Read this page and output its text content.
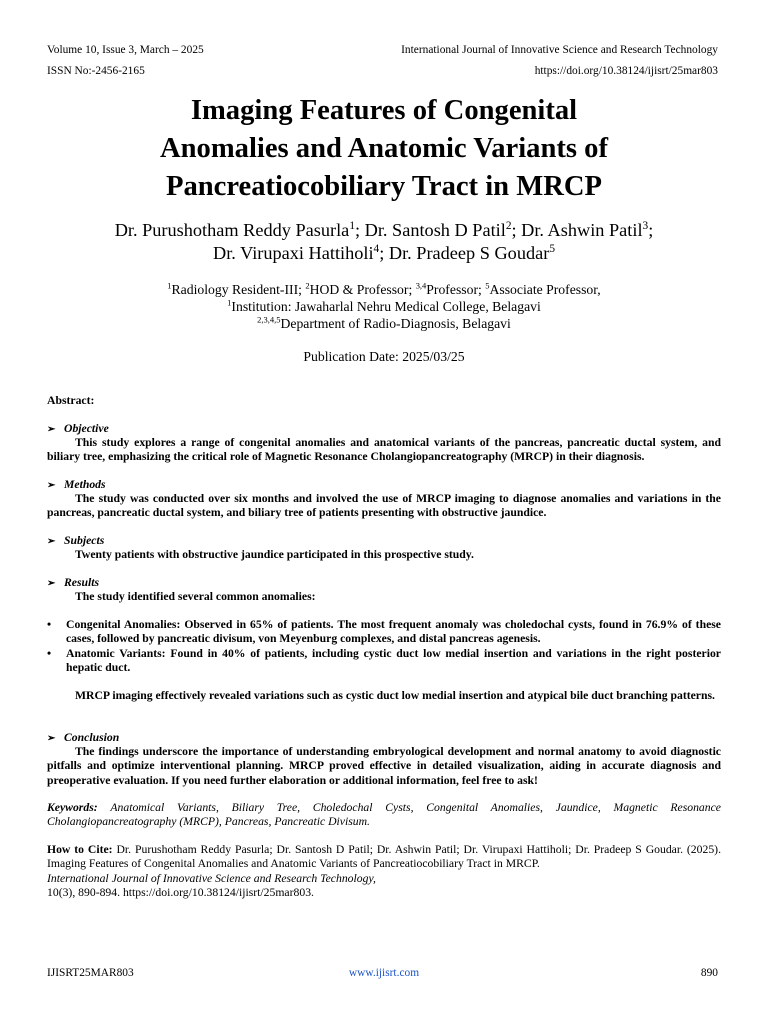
Volume 10, Issue 3, March – 2025	International Journal of Innovative Science and Research Technology
ISSN No:-2456-2165	https://doi.org/10.38124/ijisrt/25mar803
Imaging Features of Congenital
Anomalies and Anatomic Variants of
Pancreatiocobiliary Tract in MRCP
Dr. Purushotham Reddy Pasurla$^1$; Dr. Santosh D Patil$^2$; Dr. Ashwin Patil$^3$;
Dr. Virupaxi Hattiholi$^4$; Dr. Pradeep S Goudar$^5$
$^1$Radiology Resident-III; $^2$HOD & Professor; $^{3,4}$Professor; $^5$Associate Professor,
$^1$Institution: Jawaharlal Nehru Medical College, Belagavi
$^{2,3,4,5}$Department of Radio-Diagnosis, Belagavi
Publication Date: 2025/03/25
Abstract:
➢ Objective
This study explores a range of congenital anomalies and anatomical variants of the pancreas, pancreatic ductal system, and biliary tree, emphasizing the critical role of Magnetic Resonance Cholangiopancreatography (MRCP) in their diagnosis.
➢ Methods
The study was conducted over six months and involved the use of MRCP imaging to diagnose anomalies and variations in the pancreas, pancreatic ductal system, and biliary tree of patients presenting with obstructive jaundice.
➢ Subjects
Twenty patients with obstructive jaundice participated in this prospective study.
➢ Results
The study identified several common anomalies:
• Congenital Anomalies: Observed in 65% of patients. The most frequent anomaly was choledochal cysts, found in 76.9% of these cases, followed by pancreatic divisum, von Meyenburg complexes, and distal pancreas agenesis.
• Anatomic Variants: Found in 40% of patients, including cystic duct low medial insertion and variations in the right posterior hepatic duct.
MRCP imaging effectively revealed variations such as cystic duct low medial insertion and atypical bile duct branching patterns.
➢ Conclusion
The findings underscore the importance of understanding embryological development and normal anatomy to avoid diagnostic pitfalls and optimize interventional planning. MRCP proved effective in detailed visualization, aiding in accurate diagnosis and preoperative evaluation. If you need further elaboration or additional information, feel free to ask!
Keywords: Anatomical Variants, Biliary Tree, Choledochal Cysts, Congenital Anomalies, Jaundice, Magnetic Resonance Cholangiopancreatography (MRCP), Pancreas, Pancreatic Divisum.
How to Cite: Dr. Purushotham Reddy Pasurla; Dr. Santosh D Patil; Dr. Ashwin Patil; Dr. Virupaxi Hattiholi; Dr. Pradeep S Goudar. (2025). Imaging Features of Congenital Anomalies and Anatomic Variants of Pancreatiocobiliary Tract in MRCP.
International Journal of Innovative Science and Research Technology,
10(3), 890-894. https://doi.org/10.38124/ijisrt/25mar803.
IJISRT25MAR803	www.ijisrt.com	890
